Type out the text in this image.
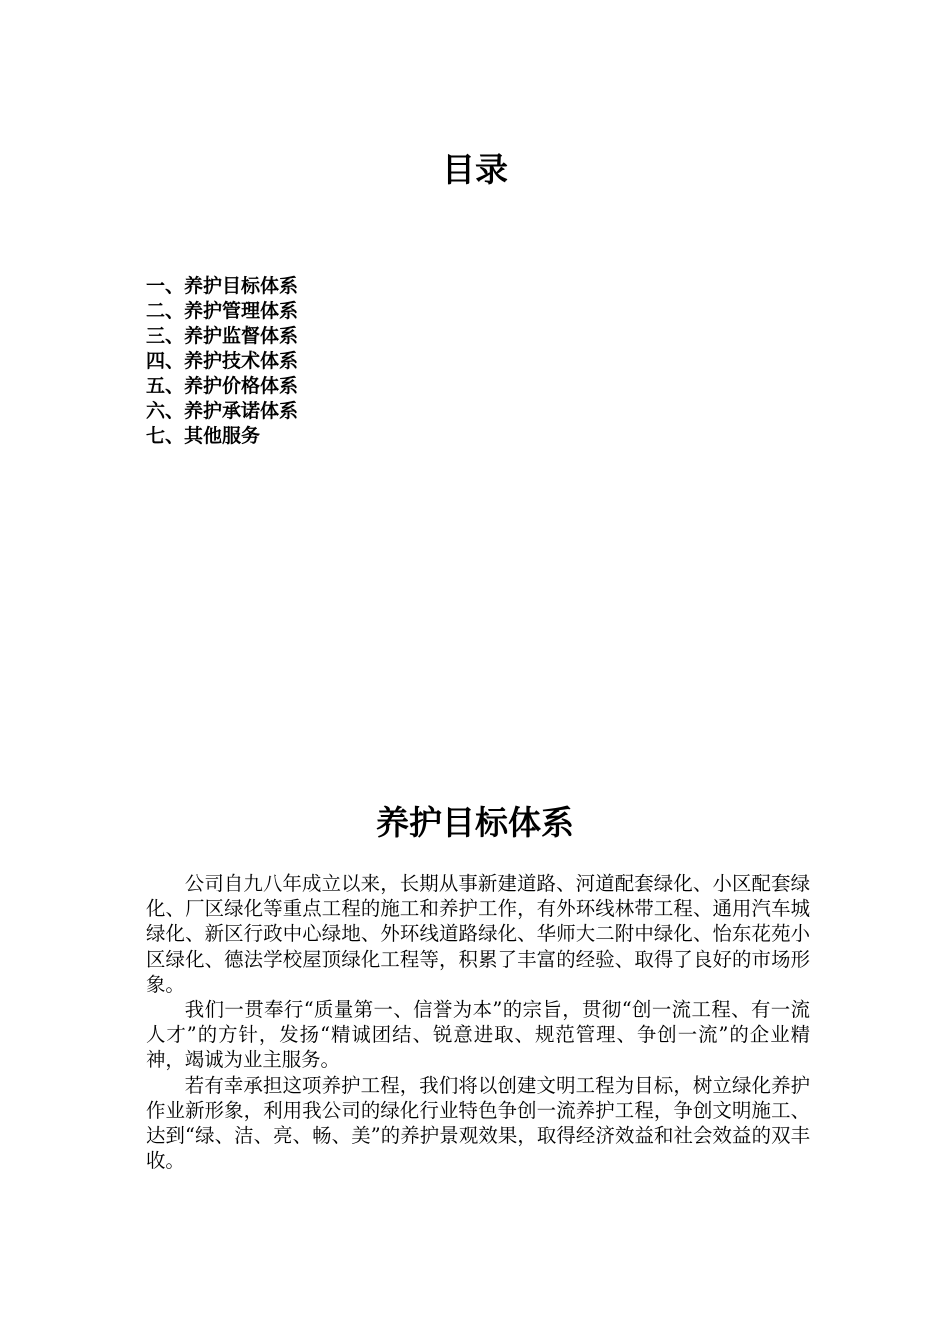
目录
一、养护目标体系
二、养护管理体系
三、养护监督体系
四、养护技术体系
五、养护价格体系
六、养护承诺体系
七、其他服务
养护目标体系

公司自九八年成立以来，长期从事新建道路、河道配套绿化、小区配套绿化、厂区绿化等重点工程的施工和养护工作，有外环线林带工程、通用汽车城绿化、新区行政中心绿地、外环线道路绿化、华师大二附中绿化、怡东花苑小区绿化、德法学校屋顶绿化工程等，积累了丰富的经验、取得了良好的市场形象。

我们一贯奉行“质量第一、信誉为本”的宗旨，贯彻“创一流工程、有一流人才”的方针，发扬“精诚团结、锐意进取、规范管理、争创一流”的企业精神，竭诚为业主服务。

若有幸承担这项养护工程，我们将以创建文明工程为目标，树立绿化养护作业新形象，利用我公司的绿化行业特色争创一流养护工程，争创文明施工、达到“绿、洁、亮、畅、美”的养护景观效果，取得经济效益和社会效益的双丰收。
